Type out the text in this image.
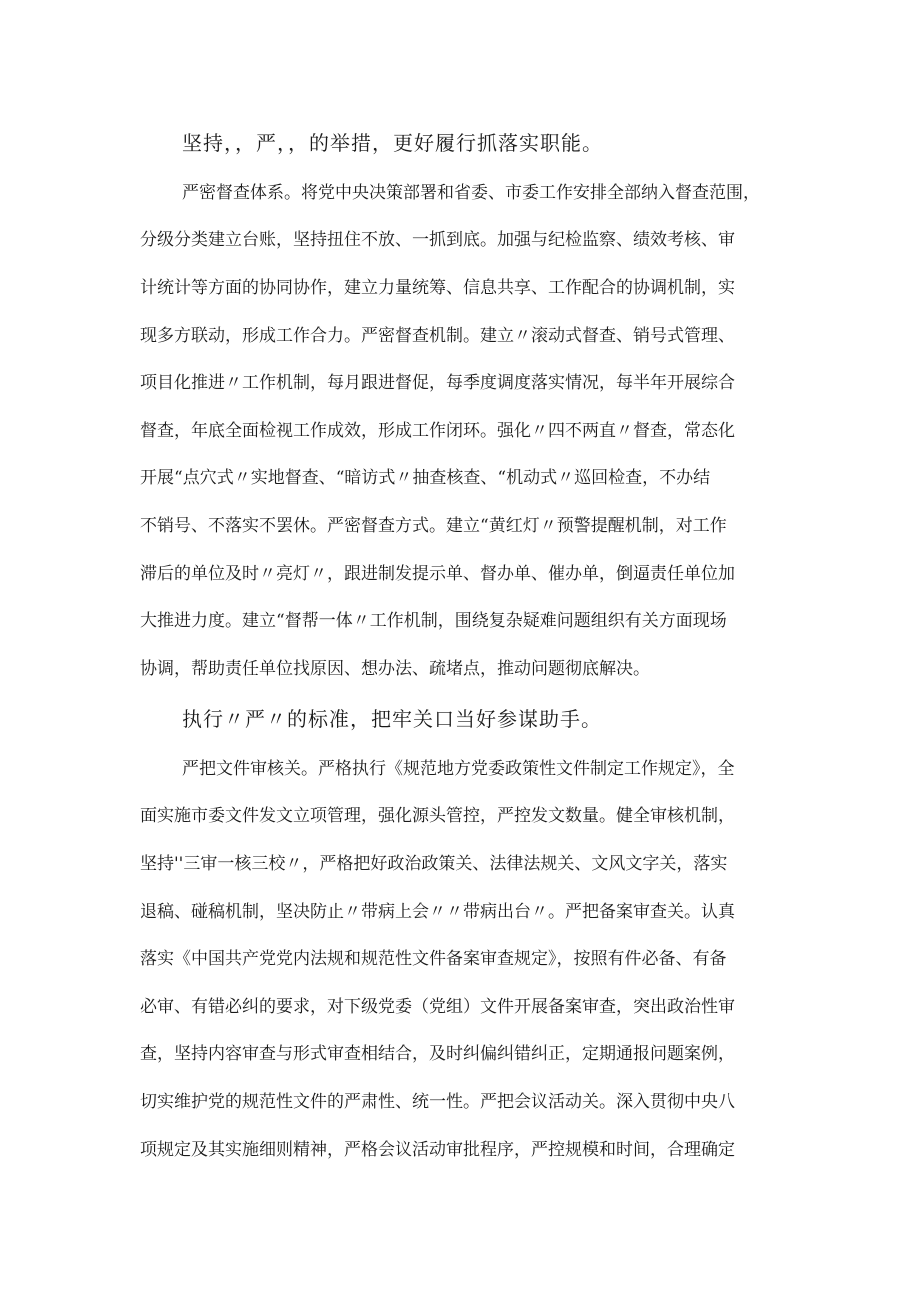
坚持，，严，，的举措，更好履行抓落实职能。
严密督查体系。将党中央决策部署和省委、市委工作安排全部纳入督查范围，
分级分类建立台账，坚持扭住不放、一抓到底。加强与纪检监察、绩效考核、审
计统计等方面的协同协作，建立力量统筹、信息共享、工作配合的协调机制，实
现多方联动，形成工作合力。严密督查机制。建立〃滚动式督查、销号式管理、
项目化推进〃工作机制，每月跟进督促，每季度调度落实情况，每半年开展综合
督查，年底全面检视工作成效，形成工作闭环。强化〃四不两直〃督查，常态化
开展“点穴式〃实地督查、“暗访式〃抽查核查、“机动式〃巡回检查，不办结
不销号、不落实不罢休。严密督查方式。建立“黄红灯〃预警提醒机制，对工作
滞后的单位及时〃亮灯〃，跟进制发提示单、督办单、催办单，倒逼责任单位加
大推进力度。建立“督帮一体〃工作机制，围绕复杂疑难问题组织有关方面现场
协调，帮助责任单位找原因、想办法、疏堵点，推动问题彻底解决。
执行〃严〃的标准，把牢关口当好参谋助手。
严把文件审核关。严格执行《规范地方党委政策性文件制定工作规定》，全
面实施市委文件发文立项管理，强化源头管控，严控发文数量。健全审核机制，
坚持''三审一核三校〃，严格把好政治政策关、法律法规关、文风文字关，落实
退稿、碰稿机制，坚决防止〃带病上会〃〃带病出台〃。严把备案审查关。认真
落实《中国共产党党内法规和规范性文件备案审查规定》，按照有件必备、有备
必审、有错必纠的要求，对下级党委（党组）文件开展备案审查，突出政治性审
查，坚持内容审查与形式审查相结合，及时纠偏纠错纠正，定期通报问题案例，
切实维护党的规范性文件的严肃性、统一性。严把会议活动关。深入贯彻中央八
项规定及其实施细则精神，严格会议活动审批程序，严控规模和时间，合理确定
